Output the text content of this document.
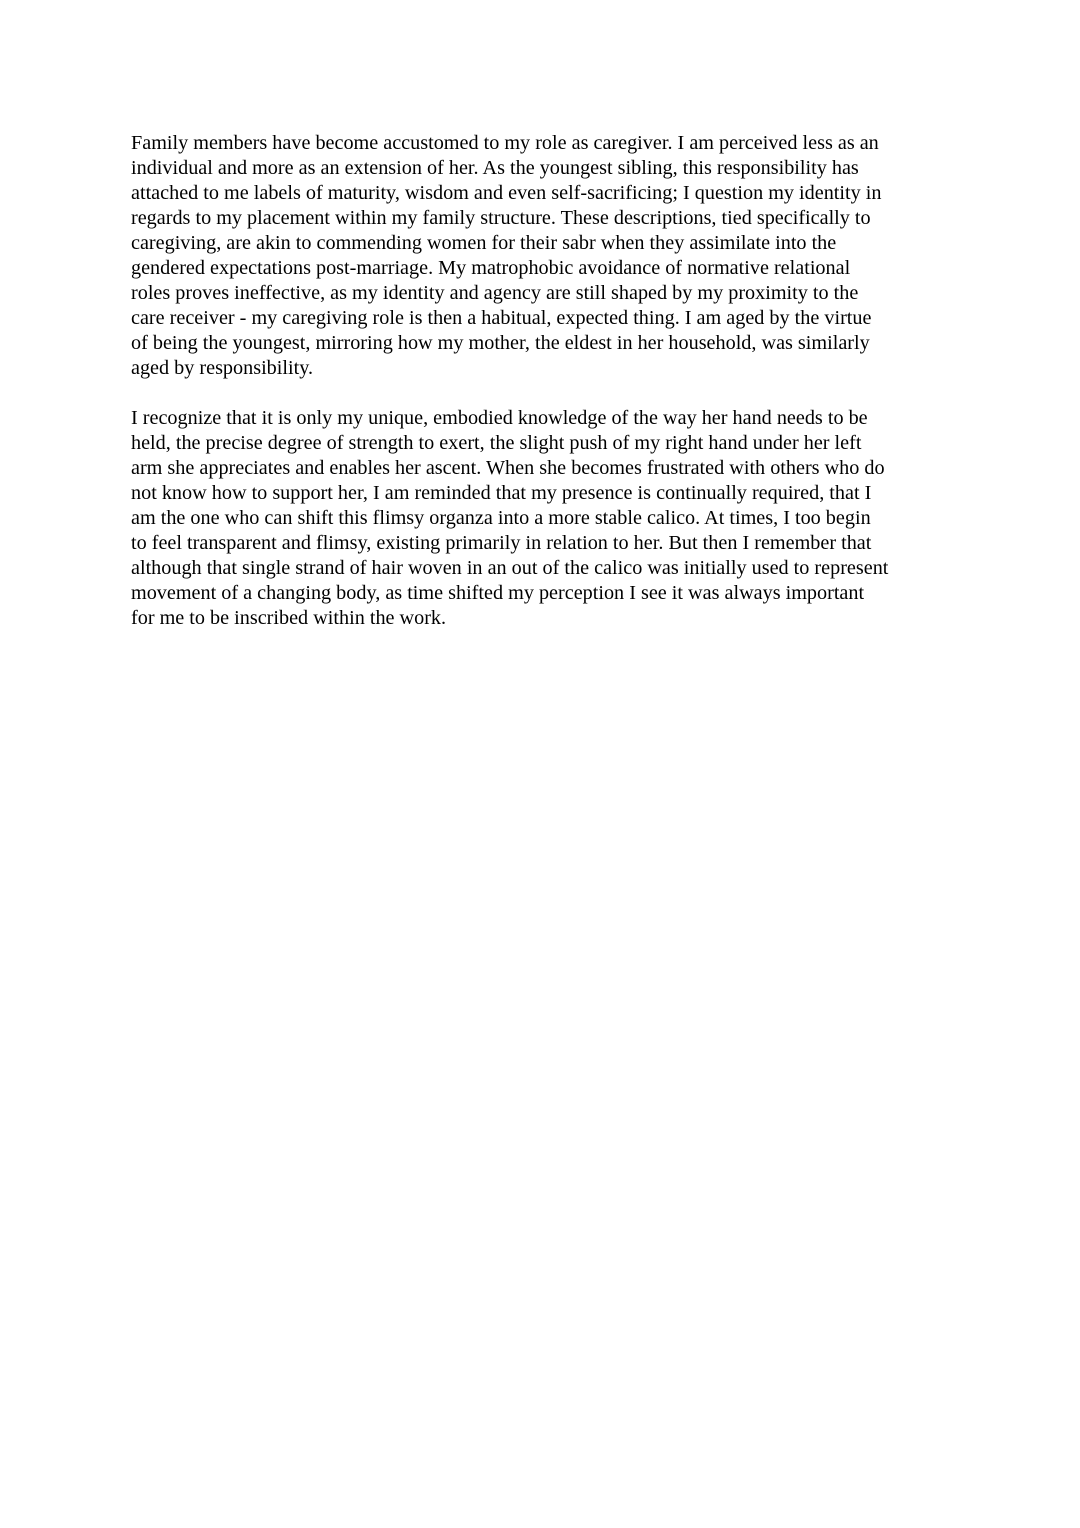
Family members have become accustomed to my role as caregiver. I am perceived less as an
individual and more as an extension of her. As the youngest sibling, this responsibility has
attached to me labels of maturity, wisdom and even self-sacrificing; I question my identity in
regards to my placement within my family structure. These descriptions, tied specifically to
caregiving, are akin to commending women for their sabr when they assimilate into the
gendered expectations post-marriage. My matrophobic avoidance of normative relational
roles proves ineffective, as my identity and agency are still shaped by my proximity to the
care receiver - my caregiving role is then a habitual, expected thing. I am aged by the virtue
of being the youngest, mirroring how my mother, the eldest in her household, was similarly
aged by responsibility.

I recognize that it is only my unique, embodied knowledge of the way her hand needs to be
held, the precise degree of strength to exert, the slight push of my right hand under her left
arm she appreciates and enables her ascent. When she becomes frustrated with others who do
not know how to support her, I am reminded that my presence is continually required, that I
am the one who can shift this flimsy organza into a more stable calico. At times, I too begin
to feel transparent and flimsy, existing primarily in relation to her. But then I remember that
although that single strand of hair woven in an out of the calico was initially used to represent
movement of a changing body, as time shifted my perception I see it was always important
for me to be inscribed within the work.
